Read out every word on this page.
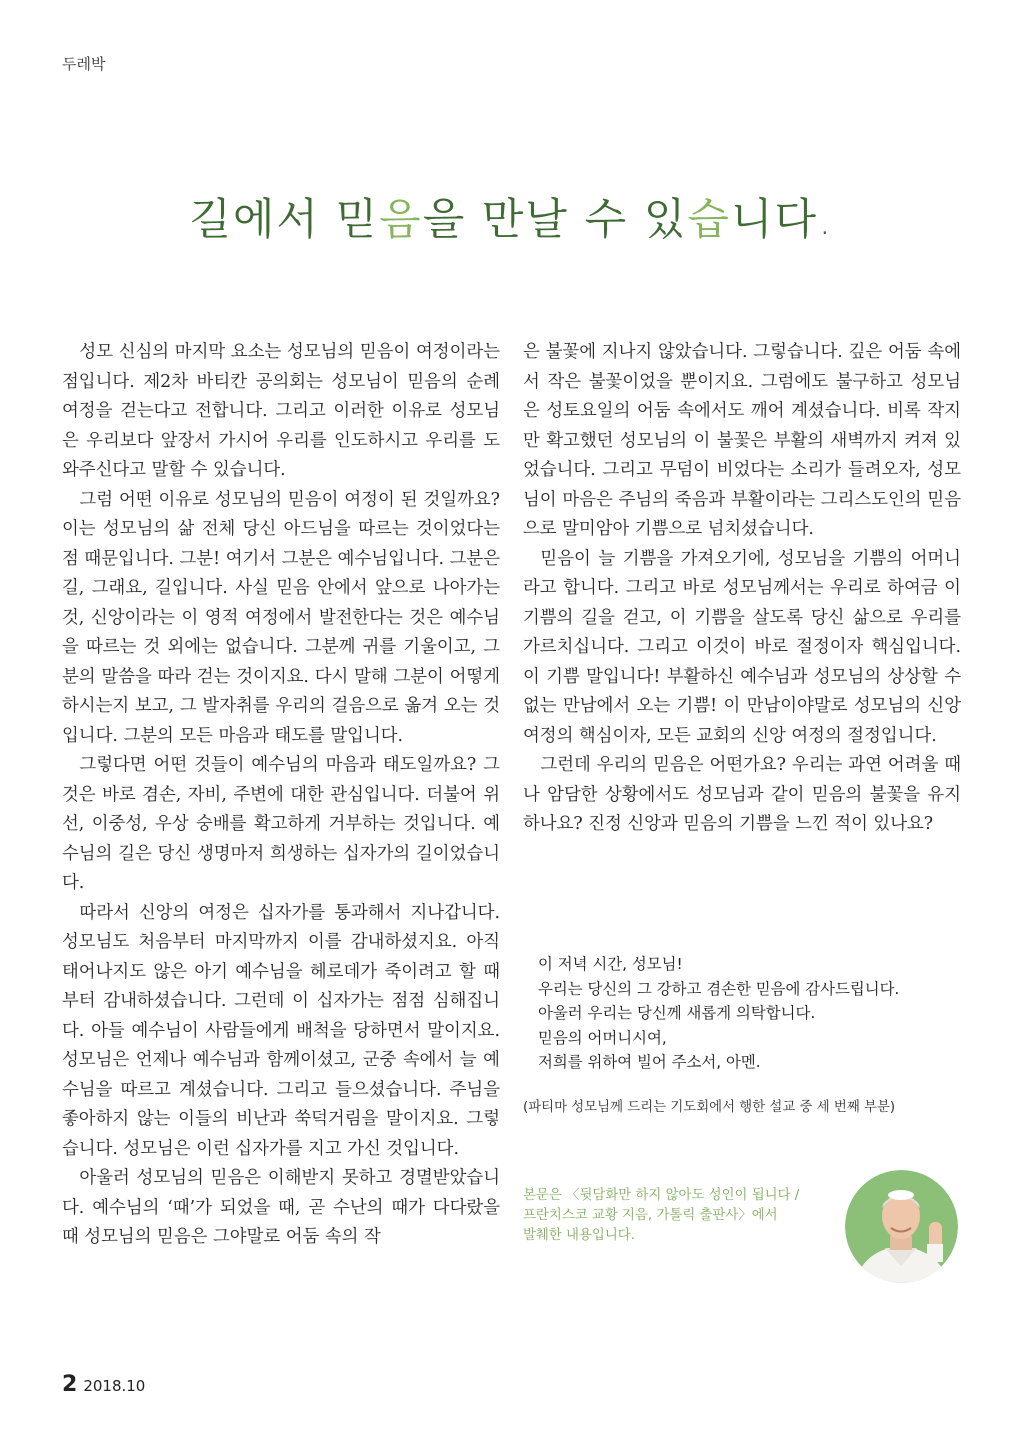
두레박
길에서 믿음을 만날 수 있습니다.

성모 신심의 마지막 요소는 성모님의 믿음이 여정이라는 점입니다. 제2차 바티칸 공의회는 성모님이 믿음의 순례 여정을 걷는다고 전합니다. 그리고 이러한 이유로 성모님은 우리보다 앞장서 가시어 우리를 인도하시고 우리를 도와주신다고 말할 수 있습니다.

그럼 어떤 이유로 성모님의 믿음이 여정이 된 것일까요? 이는 성모님의 삶 전체 당신 아드님을 따르는 것이었다는 점 때문입니다. 그분! 여기서 그분은 예수님입니다. 그분은 길, 그래요, 길입니다. 사실 믿음 안에서 앞으로 나아가는 것, 신앙이라는 이 영적 여정에서 발전한다는 것은 예수님을 따르는 것 외에는 없습니다. 그분께 귀를 기울이고, 그분의 말씀을 따라 걷는 것이지요. 다시 말해 그분이 어떻게 하시는지 보고, 그 발자취를 우리의 걸음으로 옮겨 오는 것입니다. 그분의 모든 마음과 태도를 말입니다.

그렇다면 어떤 것들이 예수님의 마음과 태도일까요? 그것은 바로 겸손, 자비, 주변에 대한 관심입니다. 더불어 위선, 이중성, 우상 숭배를 확고하게 거부하는 것입니다. 예수님의 길은 당신 생명마저 희생하는 십자가의 길이었습니다.

따라서 신앙의 여정은 십자가를 통과해서 지나갑니다. 성모님도 처음부터 마지막까지 이를 감내하셨지요. 아직 태어나지도 않은 아기 예수님을 헤로데가 죽이려고 할 때부터 감내하셨습니다. 그런데 이 십자가는 점점 심해집니다. 아들 예수님이 사람들에게 배척을 당하면서 말이지요. 성모님은 언제나 예수님과 함께이셨고, 군중 속에서 늘 예수님을 따르고 계셨습니다. 그리고 들으셨습니다. 주님을 좋아하지 않는 이들의 비난과 쑥덕거림을 말이지요. 그렇습니다. 성모님은 이런 십자가를 지고 가신 것입니다.

아울러 성모님의 믿음은 이해받지 못하고 경멸받았습니다. 예수님의 ‘때’가 되었을 때, 곧 수난의 때가 다다랐을 때 성모님의 믿음은 그야말로 어둠 속의 작

은 불꽃에 지나지 않았습니다. 그렇습니다. 깊은 어둠 속에서 작은 불꽃이었을 뿐이지요. 그럼에도 불구하고 성모님은 성토요일의 어둠 속에서도 깨어 계셨습니다. 비록 작지만 확고했던 성모님의 이 불꽃은 부활의 새벽까지 켜져 있었습니다. 그리고 무덤이 비었다는 소리가 들려오자, 성모님이 마음은 주님의 죽음과 부활이라는 그리스도인의 믿음으로 말미암아 기쁨으로 넘치셨습니다.

믿음이 늘 기쁨을 가져오기에, 성모님을 기쁨의 어머니라고 합니다. 그리고 바로 성모님께서는 우리로 하여금 이 기쁨의 길을 걷고, 이 기쁨을 살도록 당신 삶으로 우리를 가르치십니다. 그리고 이것이 바로 절정이자 핵심입니다. 이 기쁨 말입니다! 부활하신 예수님과 성모님의 상상할 수 없는 만남에서 오는 기쁨! 이 만남이야말로 성모님의 신앙 여정의 핵심이자, 모든 교회의 신앙 여정의 절정입니다.

그런데 우리의 믿음은 어떤가요? 우리는 과연 어려울 때나 암담한 상황에서도 성모님과 같이 믿음의 불꽃을 유지하나요? 진정 신앙과 믿음의 기쁨을 느낀 적이 있나요?

이 저녁 시간, 성모님!
우리는 당신의 그 강하고 겸손한 믿음에 감사드립니다.
아울러 우리는 당신께 새롭게 의탁합니다.
믿음의 어머니시여,
저희를 위하여 빌어 주소서, 아멘.

(파티마 성모님께 드리는 기도회에서 행한 설교 중 세 번째 부분)

본문은 〈뒷담화만 하지 않아도 성인이 됩니다 /
프란치스코 교황 지음, 가톨릭 출판사〉에서
발췌한 내용입니다.
2 2018.10
